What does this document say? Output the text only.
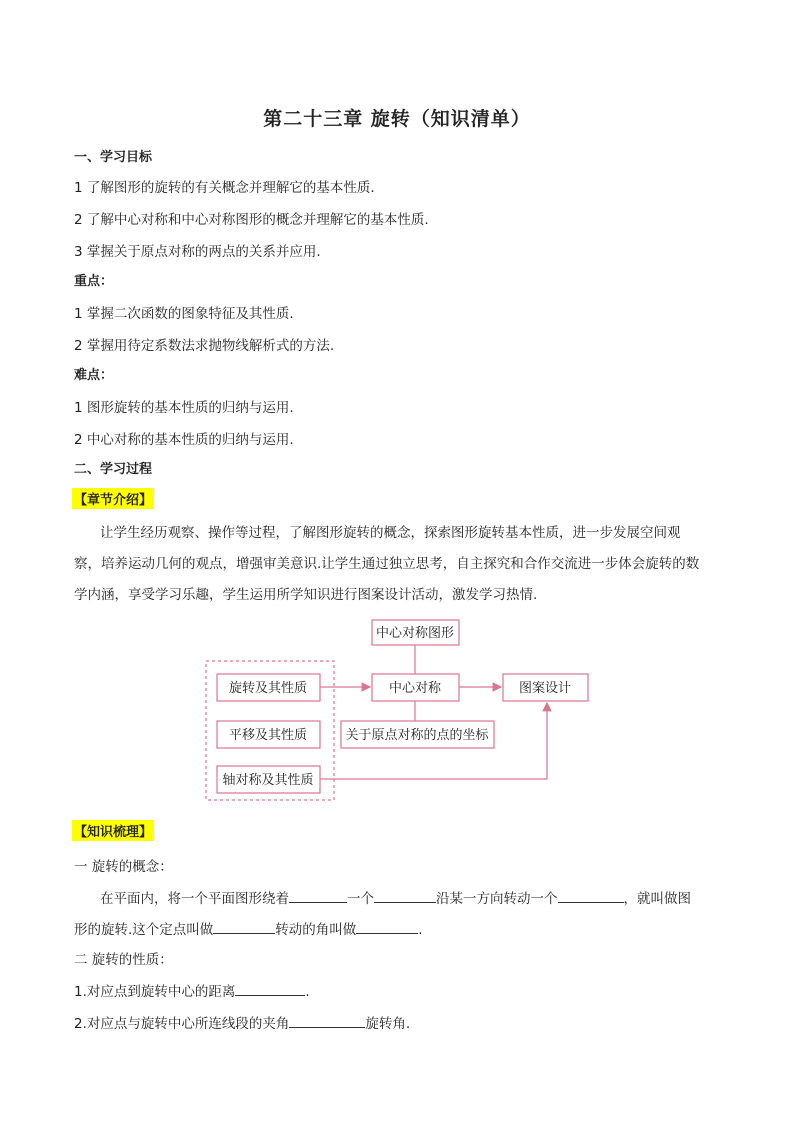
第二十三章 旋转（知识清单）
一、学习目标
1 了解图形的旋转的有关概念并理解它的基本性质.
2 了解中心对称和中心对称图形的概念并理解它的基本性质.
3 掌握关于原点对称的两点的关系并应用.
重点：
1 掌握二次函数的图象特征及其性质.
2 掌握用待定系数法求抛物线解析式的方法.
难点：
1 图形旋转的基本性质的归纳与运用.
2 中心对称的基本性质的归纳与运用.
二、学习过程
【章节介绍】
让学生经历观察、操作等过程，了解图形旋转的概念，探索图形旋转基本性质，进一步发展空间观
察，培养运动几何的观点，增强审美意识.让学生通过独立思考，自主探究和合作交流进一步体会旋转的数
学内涵，享受学习乐趣，学生运用所学知识进行图案设计活动，激发学习热情.
中心对称图形
旋转及其性质	中心对称	图案设计
平移及其性质	关于原点对称的点的坐标
轴对称及其性质
【知识梳理】
一 旋转的概念：
在平面内，将一个平面图形绕着	一个	沿某一方向转动一个	，就叫做图
形的旋转.这个定点叫做	转动的角叫做	.
二 旋转的性质：
1.对应点到旋转中心的距离	.
2.对应点与旋转中心所连线段的夹角	旋转角.
